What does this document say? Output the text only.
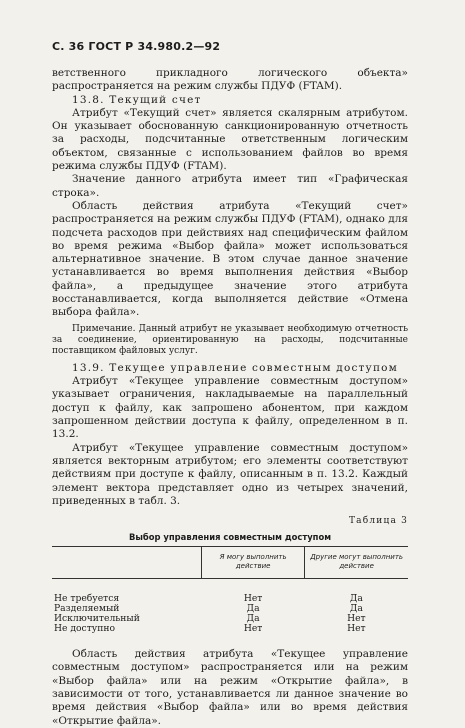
С. 36 ГОСТ Р 34.980.2—92

ветственного прикладного логического объекта» распространяется на режим службы ПДУФ (FTAM).

13.8. Текущий счет

Атрибут «Текущий счет» является скалярным атрибутом. Он указывает обоснованную санкционированную отчетность за расходы, подсчитанные ответственным логическим объектом, связанные с использованием файлов во время режима службы ПДУФ (FTAM).

Значение данного атрибута имеет тип «Графическая строка».

Область действия атрибута «Текущий счет» распространяется на режим службы ПДУФ (FTAM), однако для подсчета расходов при действиях над специфическим файлом во время режима «Выбор файла» может использоваться альтернативное значение. В этом случае данное значение устанавливается во время выполнения действия «Выбор файла», а предыдущее значение этого атрибута восстанавливается, когда выполняется действие «Отмена выбора файла».

Примечание. Данный атрибут не указывает необходимую отчетность за соединение, ориентированную на расходы, подсчитанные поставщиком файловых услуг.
13.9. Текущее управление совместным доступом

Атрибут «Текущее управление совместным доступом» указывает ограничения, накладываемые на параллельный доступ к файлу, как запрошено абонентом, при каждом запрошенном действии доступа к файлу, определенном в п. 13.2.

Атрибут «Текущее управление совместным доступом» является векторным атрибутом; его элементы соответствуют действиям при доступе к файлу, описанным в п. 13.2. Каждый элемент вектора представляет одно из четырех значений, приведенных в табл. 3.

Таблица 3
Выбор управления совместным доступом
	Я могу выполнить действие	Другие могут выполнить действие
Не требуется	Нет	Да
Разделяемый	Да	Да
Исключительный	Да	Нет
Не доступно	Нет	Нет

Область действия атрибута «Текущее управление совместным доступом» распространяется или на режим «Выбор файла» или на режим «Открытие файла», в зависимости от того, устанавливается ли данное значение во время действия «Выбор файла» или во время действия «Открытие файла».
